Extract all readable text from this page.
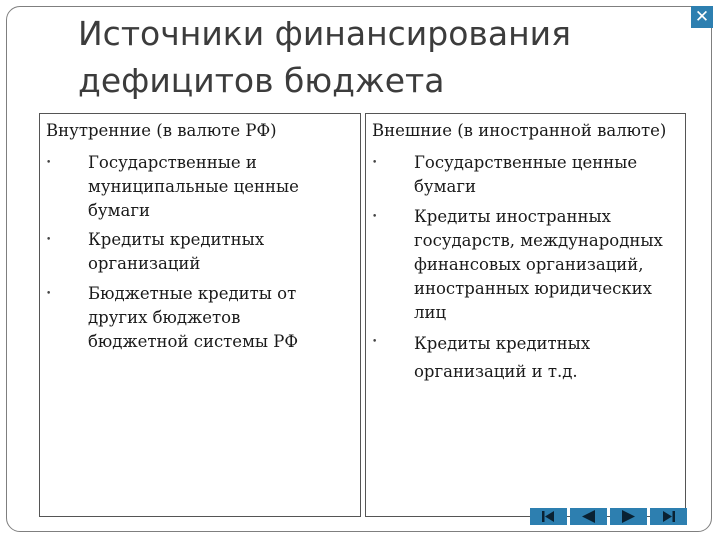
Источники финансирования
дефицитов бюджета
✕
Внутренние (в валюте РФ)
• Государственные и муниципальные ценные бумаги
• Кредиты кредитных организаций
• Бюджетные кредиты от других бюджетов бюджетной системы РФ
Внешние (в иностранной валюте)
• Государственные ценные бумаги
• Кредиты иностранных государств, международных финансовых организаций, иностранных юридических лиц
• Кредиты кредитных организаций и т.д.
